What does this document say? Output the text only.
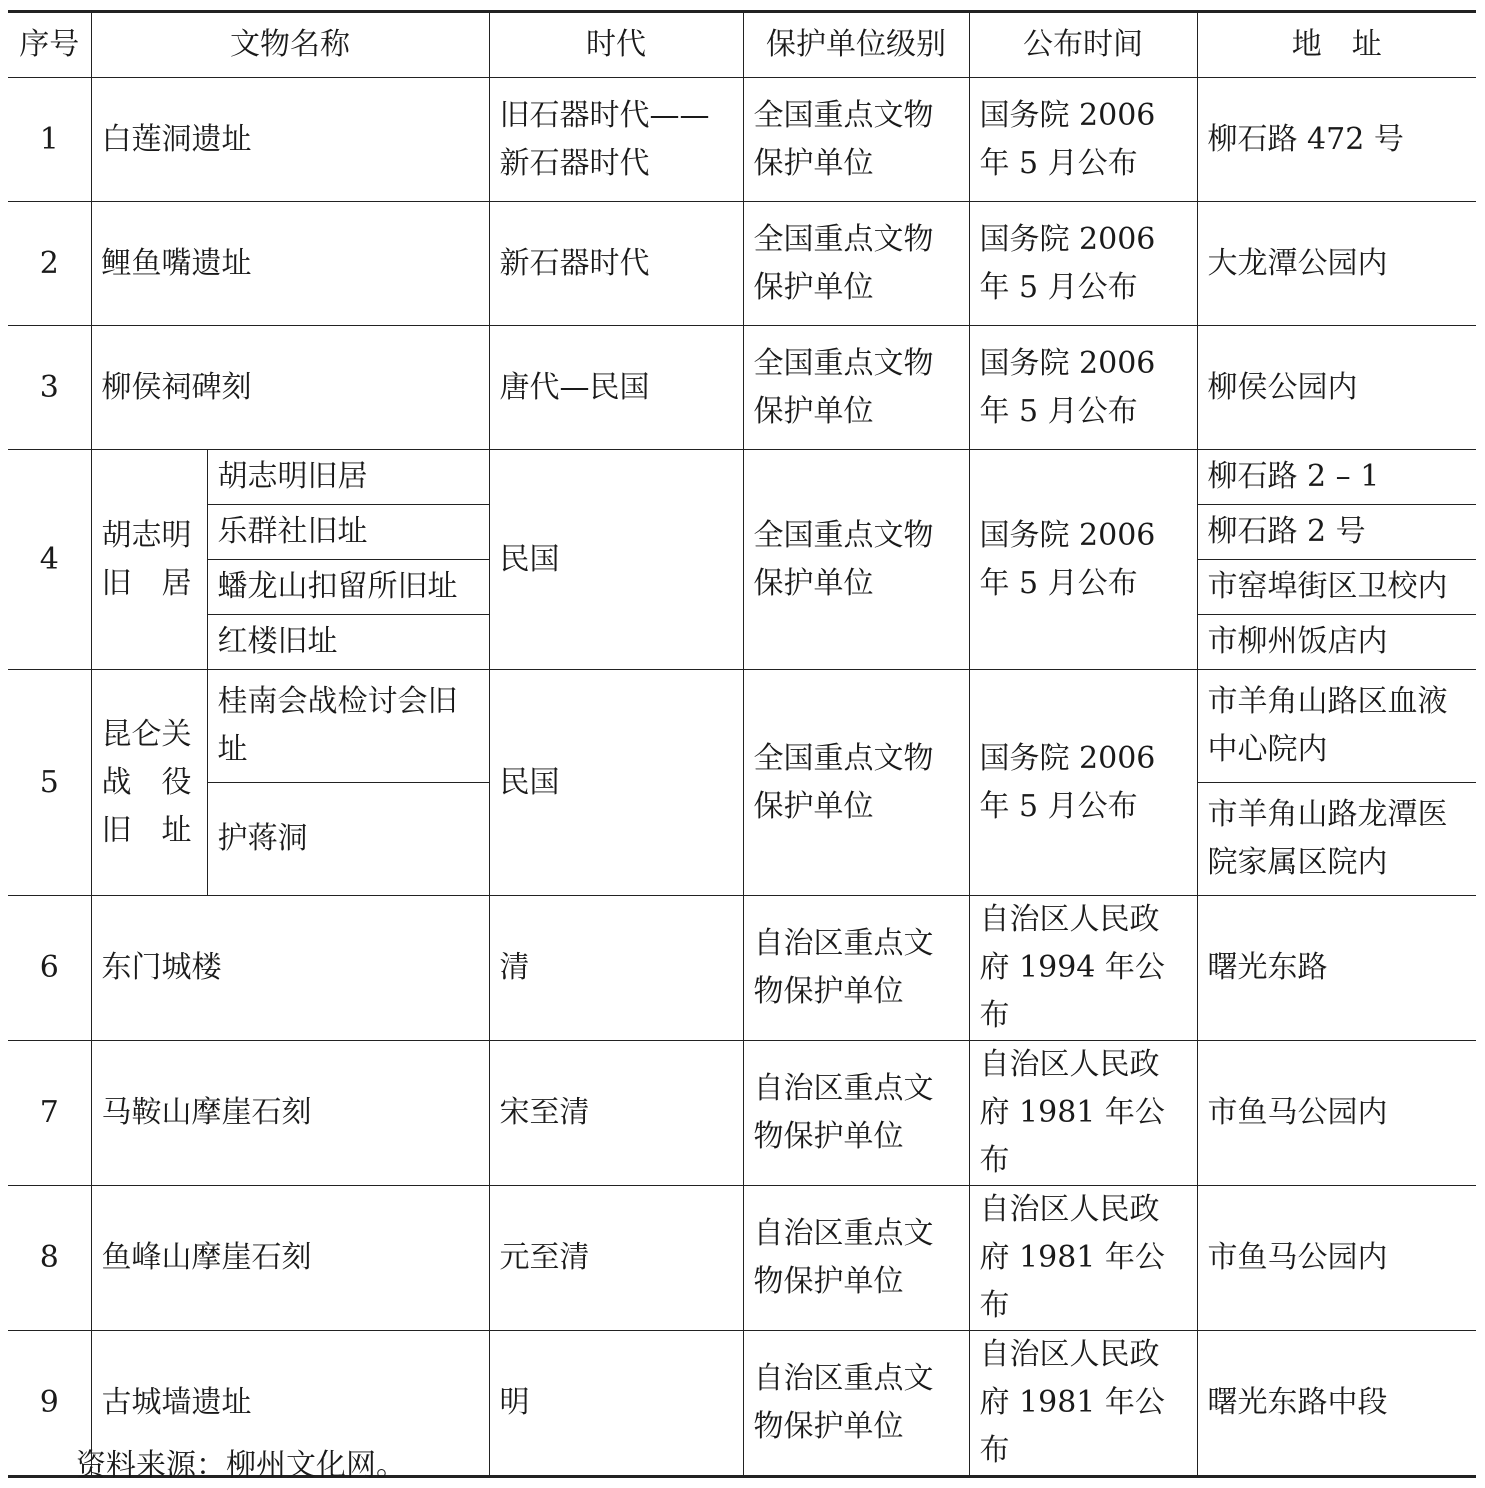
序号	文物名称		时代	保护单位级别	公布时间	地　址
1	白莲洞遗址		旧石器时代——新石器时代	全国重点文物保护单位	国务院 2006 年 5 月公布	柳石路 472 号
2	鲤鱼嘴遗址		新石器时代	全国重点文物保护单位	国务院 2006 年 5 月公布	大龙潭公园内
3	柳侯祠碑刻		唐代—民国	全国重点文物保护单位	国务院 2006 年 5 月公布	柳侯公园内
4	胡志明旧　居	胡志明旧居	民国	全国重点文物保护单位	国务院 2006 年 5 月公布	柳石路 2 – 1
		乐群社旧址				柳石路 2 号
		蟠龙山扣留所旧址				市窑埠街区卫校内
		红楼旧址				市柳州饭店内
5	昆仑关战　役旧　址	桂南会战检讨会旧址	民国	全国重点文物保护单位	国务院 2006 年 5 月公布	市羊角山路区血液中心院内
		护蒋洞				市羊角山路龙潭医院家属区院内
6	东门城楼		清	自治区重点文物保护单位	自治区人民政府 1994 年公布	曙光东路
7	马鞍山摩崖石刻		宋至清	自治区重点文物保护单位	自治区人民政府 1981 年公布	市鱼马公园内
8	鱼峰山摩崖石刻		元至清	自治区重点文物保护单位	自治区人民政府 1981 年公布	市鱼马公园内
9	古城墙遗址		明	自治区重点文物保护单位	自治区人民政府 1981 年公布	曙光东路中段
资料来源：柳州文化网。
